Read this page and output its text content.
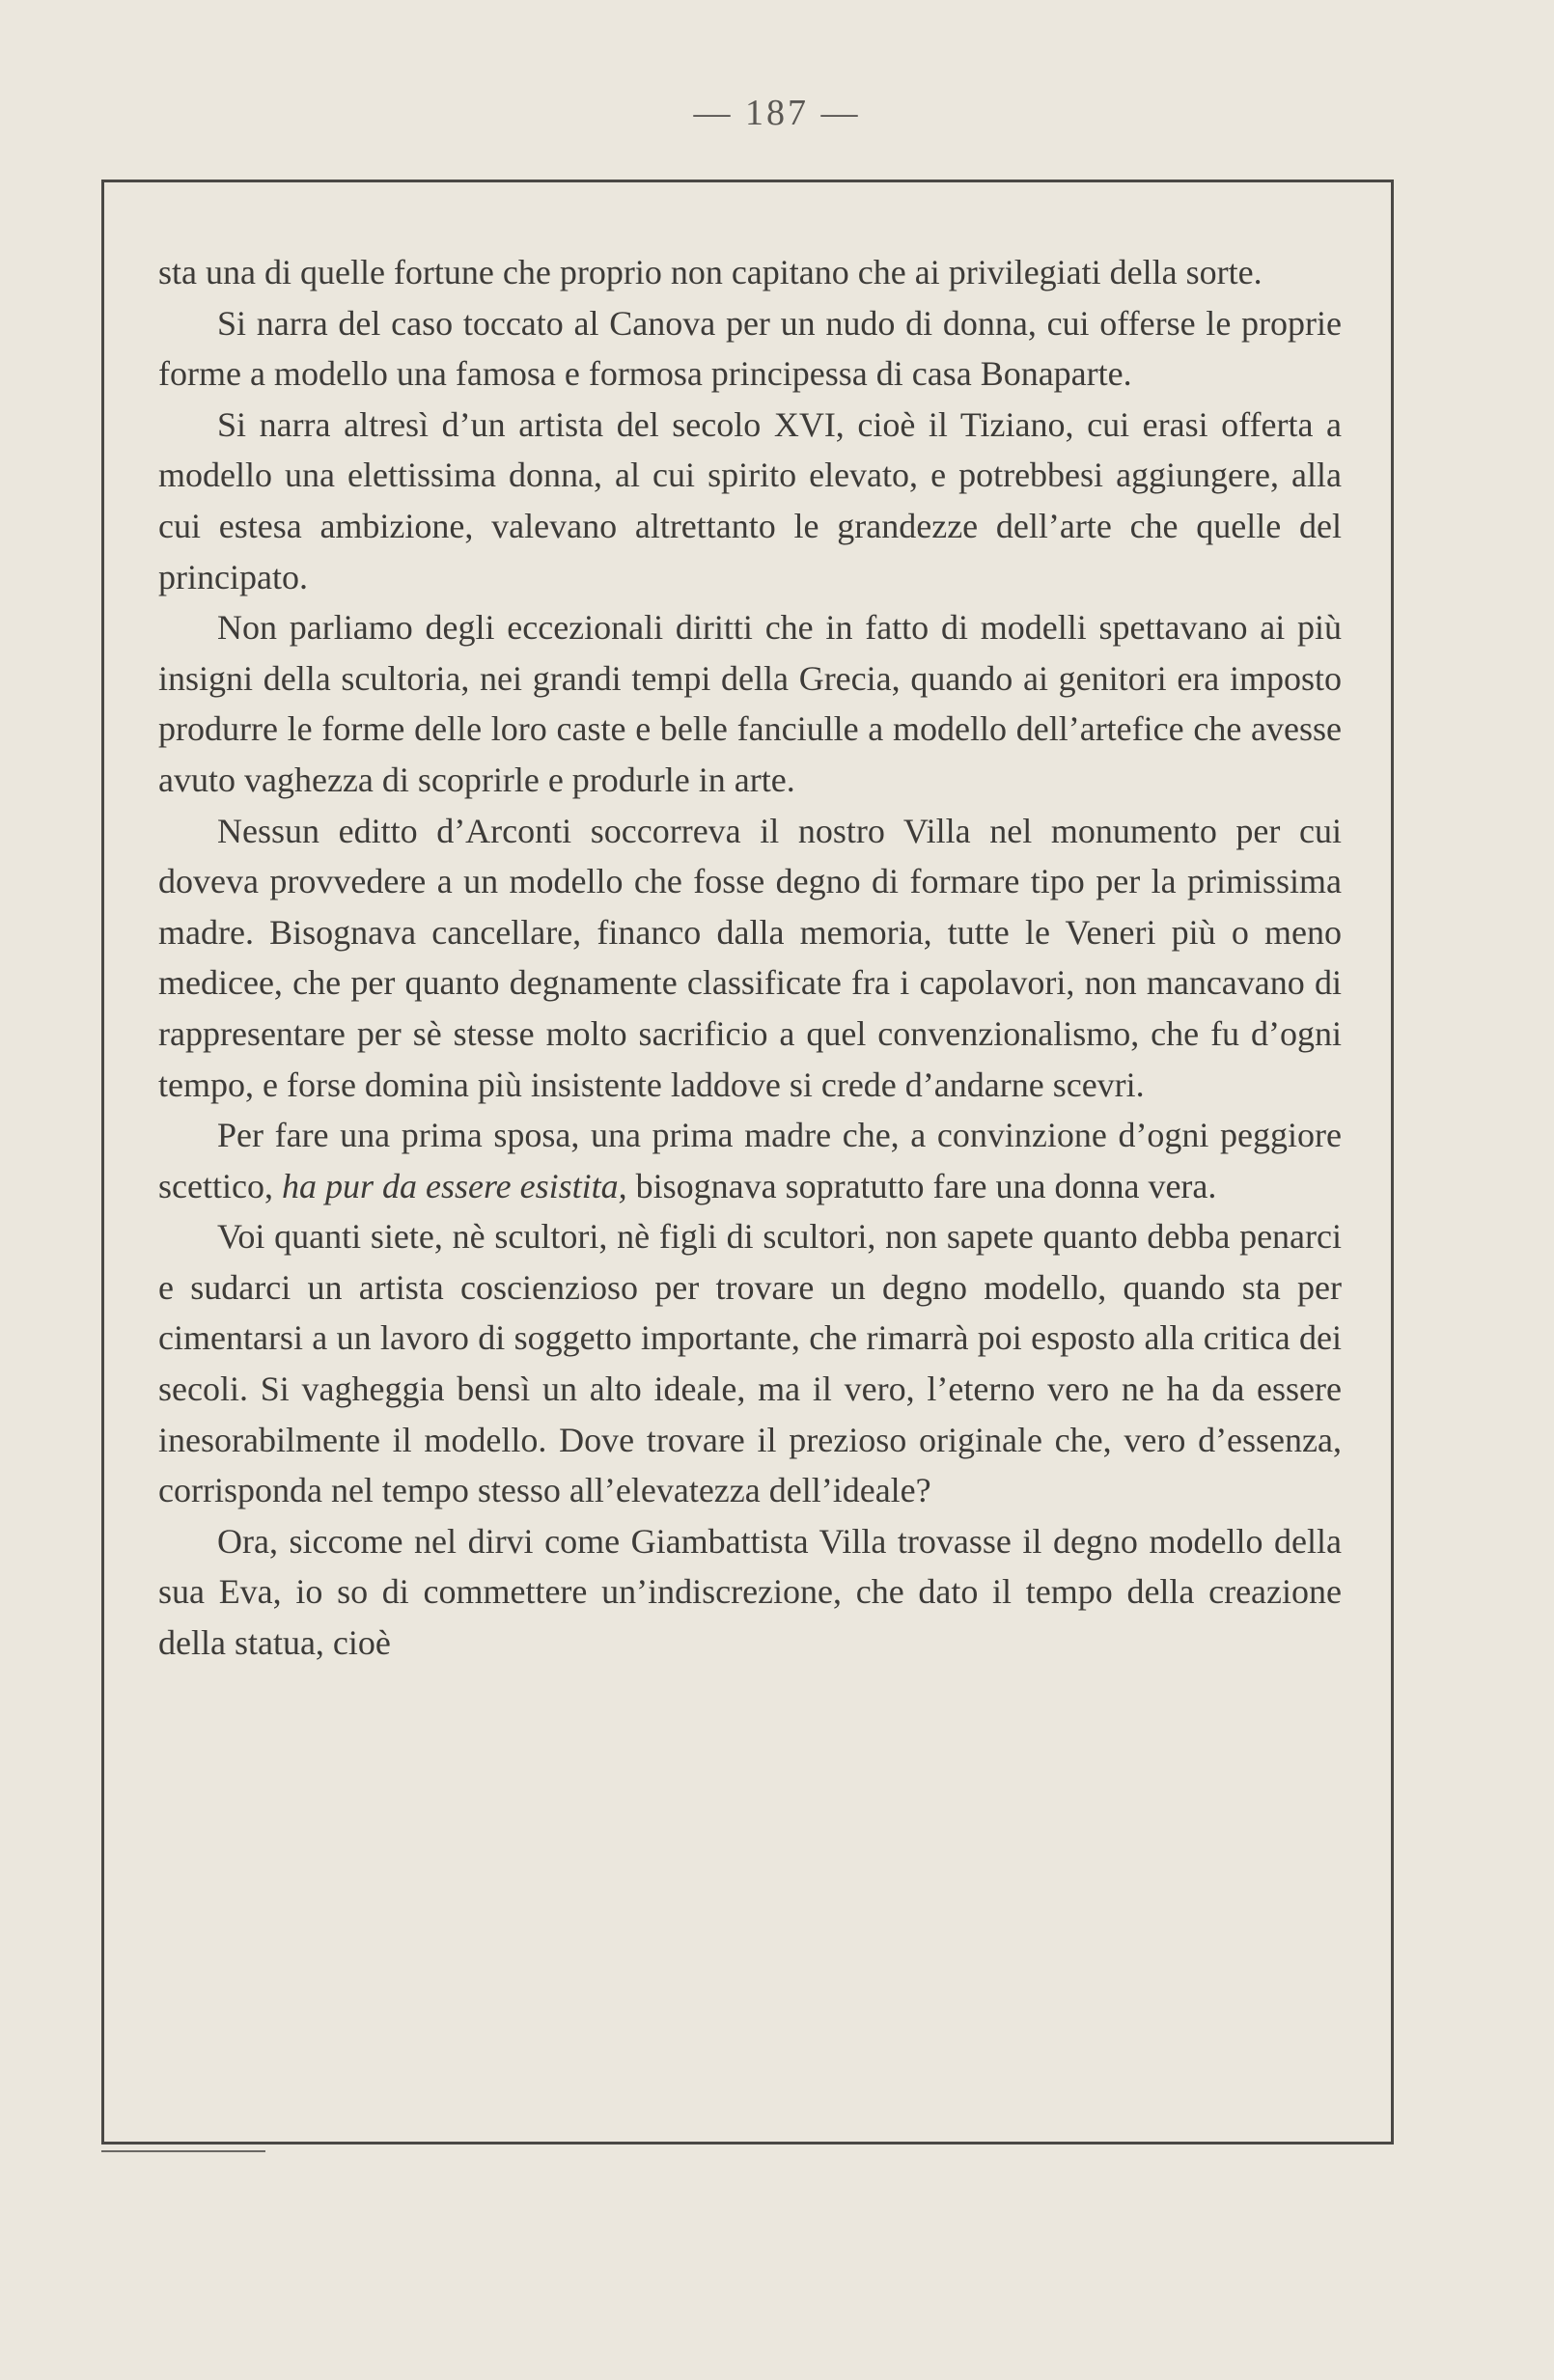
— 187 —

sta una di quelle fortune che proprio non capitano che ai privilegiati della sorte.

Si narra del caso toccato al Canova per un nudo di donna, cui offerse le proprie forme a modello una famosa e formosa principessa di casa Bonaparte.

Si narra altresì d’un artista del secolo XVI, cioè il Tiziano, cui erasi offerta a modello una elettissima donna, al cui spirito elevato, e potrebbesi aggiungere, alla cui estesa ambizione, valevano altrettanto le grandezze dell’arte che quelle del principato.

Non parliamo degli eccezionali diritti che in fatto di modelli spettavano ai più insigni della scultoria, nei grandi tempi della Grecia, quando ai genitori era imposto produrre le forme delle loro caste e belle fanciulle a modello dell’artefice che avesse avuto vaghezza di scoprirle e produrle in arte.

Nessun editto d’Arconti soccorreva il nostro Villa nel monumento per cui doveva provvedere a un modello che fosse degno di formare tipo per la primissima madre. Bisognava cancellare, financo dalla memoria, tutte le Veneri più o meno medicee, che per quanto degnamente classificate fra i capolavori, non mancavano di rappresentare per sè stesse molto sacrificio a quel convenzionalismo, che fu d’ogni tempo, e forse domina più insistente laddove si crede d’andarne scevri.

Per fare una prima sposa, una prima madre che, a convinzione d’ogni peggiore scettico, ha pur da essere esistita, bisognava sopratutto fare una donna vera.

Voi quanti siete, nè scultori, nè figli di scultori, non sapete quanto debba penarci e sudarci un artista coscienzioso per trovare un degno modello, quando sta per cimentarsi a un lavoro di soggetto importante, che rimarrà poi esposto alla critica dei secoli. Si vagheggia bensì un alto ideale, ma il vero, l’eterno vero ne ha da essere inesorabilmente il modello. Dove trovare il prezioso originale che, vero d’essenza, corrisponda nel tempo stesso all’elevatezza dell’ideale?

Ora, siccome nel dirvi come Giambattista Villa trovasse il degno modello della sua Eva, io so di commettere un’indiscrezione, che dato il tempo della creazione della statua, cioè
